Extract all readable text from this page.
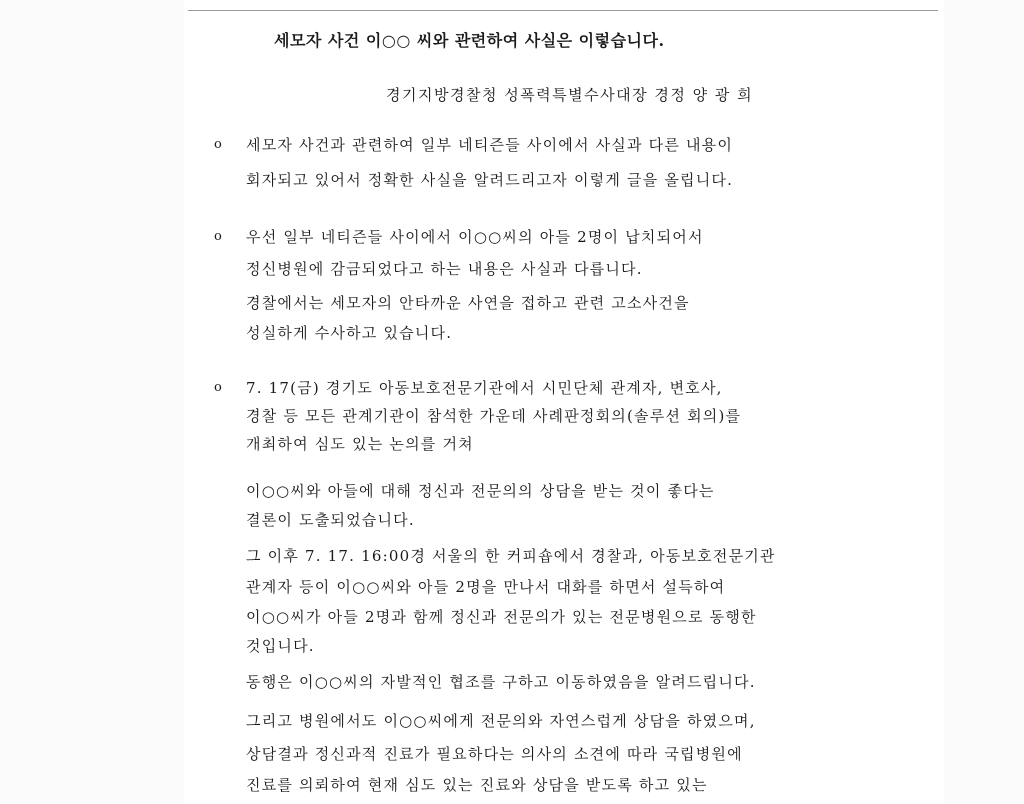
세모자 사건 이○○ 씨와 관련하여 사실은 이렇습니다.
경기지방경찰청 성폭력특별수사대장 경정 양 광 희
o 세모자 사건과 관련하여 일부 네티즌들 사이에서 사실과 다른 내용이
회자되고 있어서 정확한 사실을 알려드리고자 이렇게 글을 올립니다.
o 우선 일부 네티즌들 사이에서 이○○씨의 아들 2명이 납치되어서
정신병원에 감금되었다고 하는 내용은 사실과 다릅니다.
경찰에서는 세모자의 안타까운 사연을 접하고 관련 고소사건을
성실하게 수사하고 있습니다.
o 7. 17(금) 경기도 아동보호전문기관에서 시민단체 관계자, 변호사,
경찰 등 모든 관계기관이 참석한 가운데 사례판정회의(솔루션 회의)를
개최하여 심도 있는 논의를 거쳐
이○○씨와 아들에 대해 정신과 전문의의 상담을 받는 것이 좋다는
결론이 도출되었습니다.
그 이후 7. 17. 16:00경 서울의 한 커피숍에서 경찰과, 아동보호전문기관
관계자 등이 이○○씨와 아들 2명을 만나서 대화를 하면서 설득하여
이○○씨가 아들 2명과 함께 정신과 전문의가 있는 전문병원으로 동행한
것입니다.
동행은 이○○씨의 자발적인 협조를 구하고 이동하였음을 알려드립니다.
그리고 병원에서도 이○○씨에게 전문의와 자연스럽게 상담을 하였으며,
상담결과 정신과적 진료가 필요하다는 의사의 소견에 따라 국립병원에
진료를 의뢰하여 현재 심도 있는 진료와 상담을 받도록 하고 있는
